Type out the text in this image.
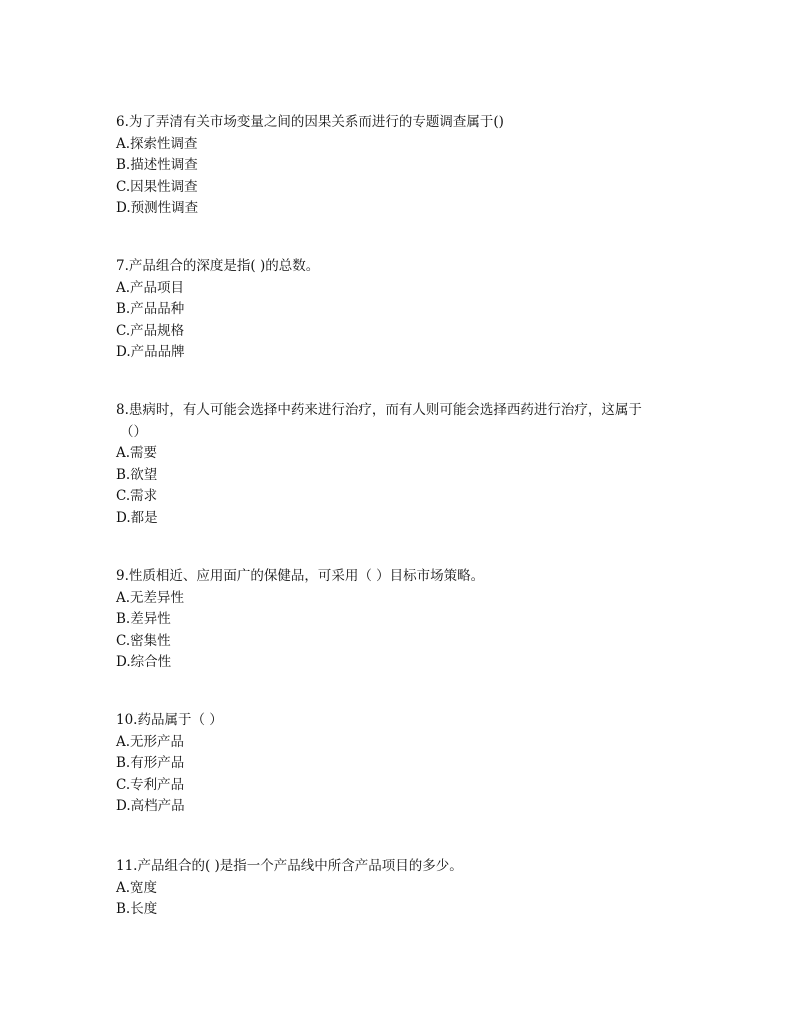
6.为了弄清有关市场变量之间的因果关系而进行的专题调查属于()

A.探索性调查

B.描述性调查

C.因果性调查

D.预测性调查

7.产品组合的深度是指( )的总数。

A.产品项目

B.产品品种

C.产品规格

D.产品品牌

8.患病时，有人可能会选择中药来进行治疗，而有人则可能会选择西药进行治疗，这属于

（）

A.需要

B.欲望

C.需求

D.都是

9.性质相近、应用面广的保健品，可采用（ ）目标市场策略。

A.无差异性

B.差异性

C.密集性

D.综合性

10.药品属于（ ）

A.无形产品

B.有形产品

C.专利产品

D.高档产品

11.产品组合的( )是指一个产品线中所含产品项目的多少。

A.宽度

B.长度
